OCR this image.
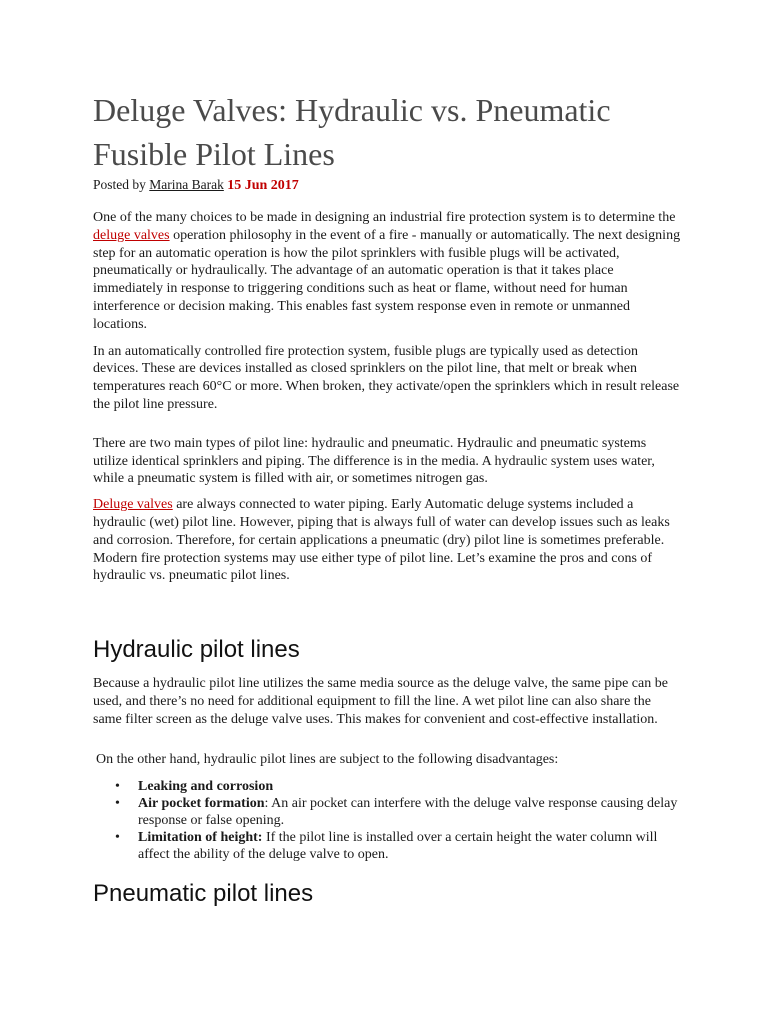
Deluge Valves: Hydraulic vs. Pneumatic Fusible Pilot Lines
Posted by Marina Barak 15 Jun 2017

One of the many choices to be made in designing an industrial fire protection system is to determine the deluge valves operation philosophy in the event of a fire - manually or automatically. The next designing step for an automatic operation is how the pilot sprinklers with fusible plugs will be activated, pneumatically or hydraulically. The advantage of an automatic operation is that it takes place immediately in response to triggering conditions such as heat or flame, without need for human interference or decision making. This enables fast system response even in remote or unmanned locations.

In an automatically controlled fire protection system, fusible plugs are typically used as detection devices. These are devices installed as closed sprinklers on the pilot line, that melt or break when temperatures reach 60°C or more. When broken, they activate/open the sprinklers which in result release the pilot line pressure.

There are two main types of pilot line: hydraulic and pneumatic. Hydraulic and pneumatic systems utilize identical sprinklers and piping. The difference is in the media. A hydraulic system uses water, while a pneumatic system is filled with air, or sometimes nitrogen gas.

Deluge valves are always connected to water piping. Early Automatic deluge systems included a hydraulic (wet) pilot line. However, piping that is always full of water can develop issues such as leaks and corrosion. Therefore, for certain applications a pneumatic (dry) pilot line is sometimes preferable. Modern fire protection systems may use either type of pilot line. Let’s examine the pros and cons of hydraulic vs. pneumatic pilot lines.

Hydraulic pilot lines

Because a hydraulic pilot line utilizes the same media source as the deluge valve, the same pipe can be used, and there’s no need for additional equipment to fill the line. A wet pilot line can also share the same filter screen as the deluge valve uses. This makes for convenient and cost-effective installation.

On the other hand, hydraulic pilot lines are subject to the following disadvantages:

• Leaking and corrosion
• Air pocket formation: An air pocket can interfere with the deluge valve response causing delay response or false opening.
• Limitation of height: If the pilot line is installed over a certain height the water column will affect the ability of the deluge valve to open.
Pneumatic pilot lines
